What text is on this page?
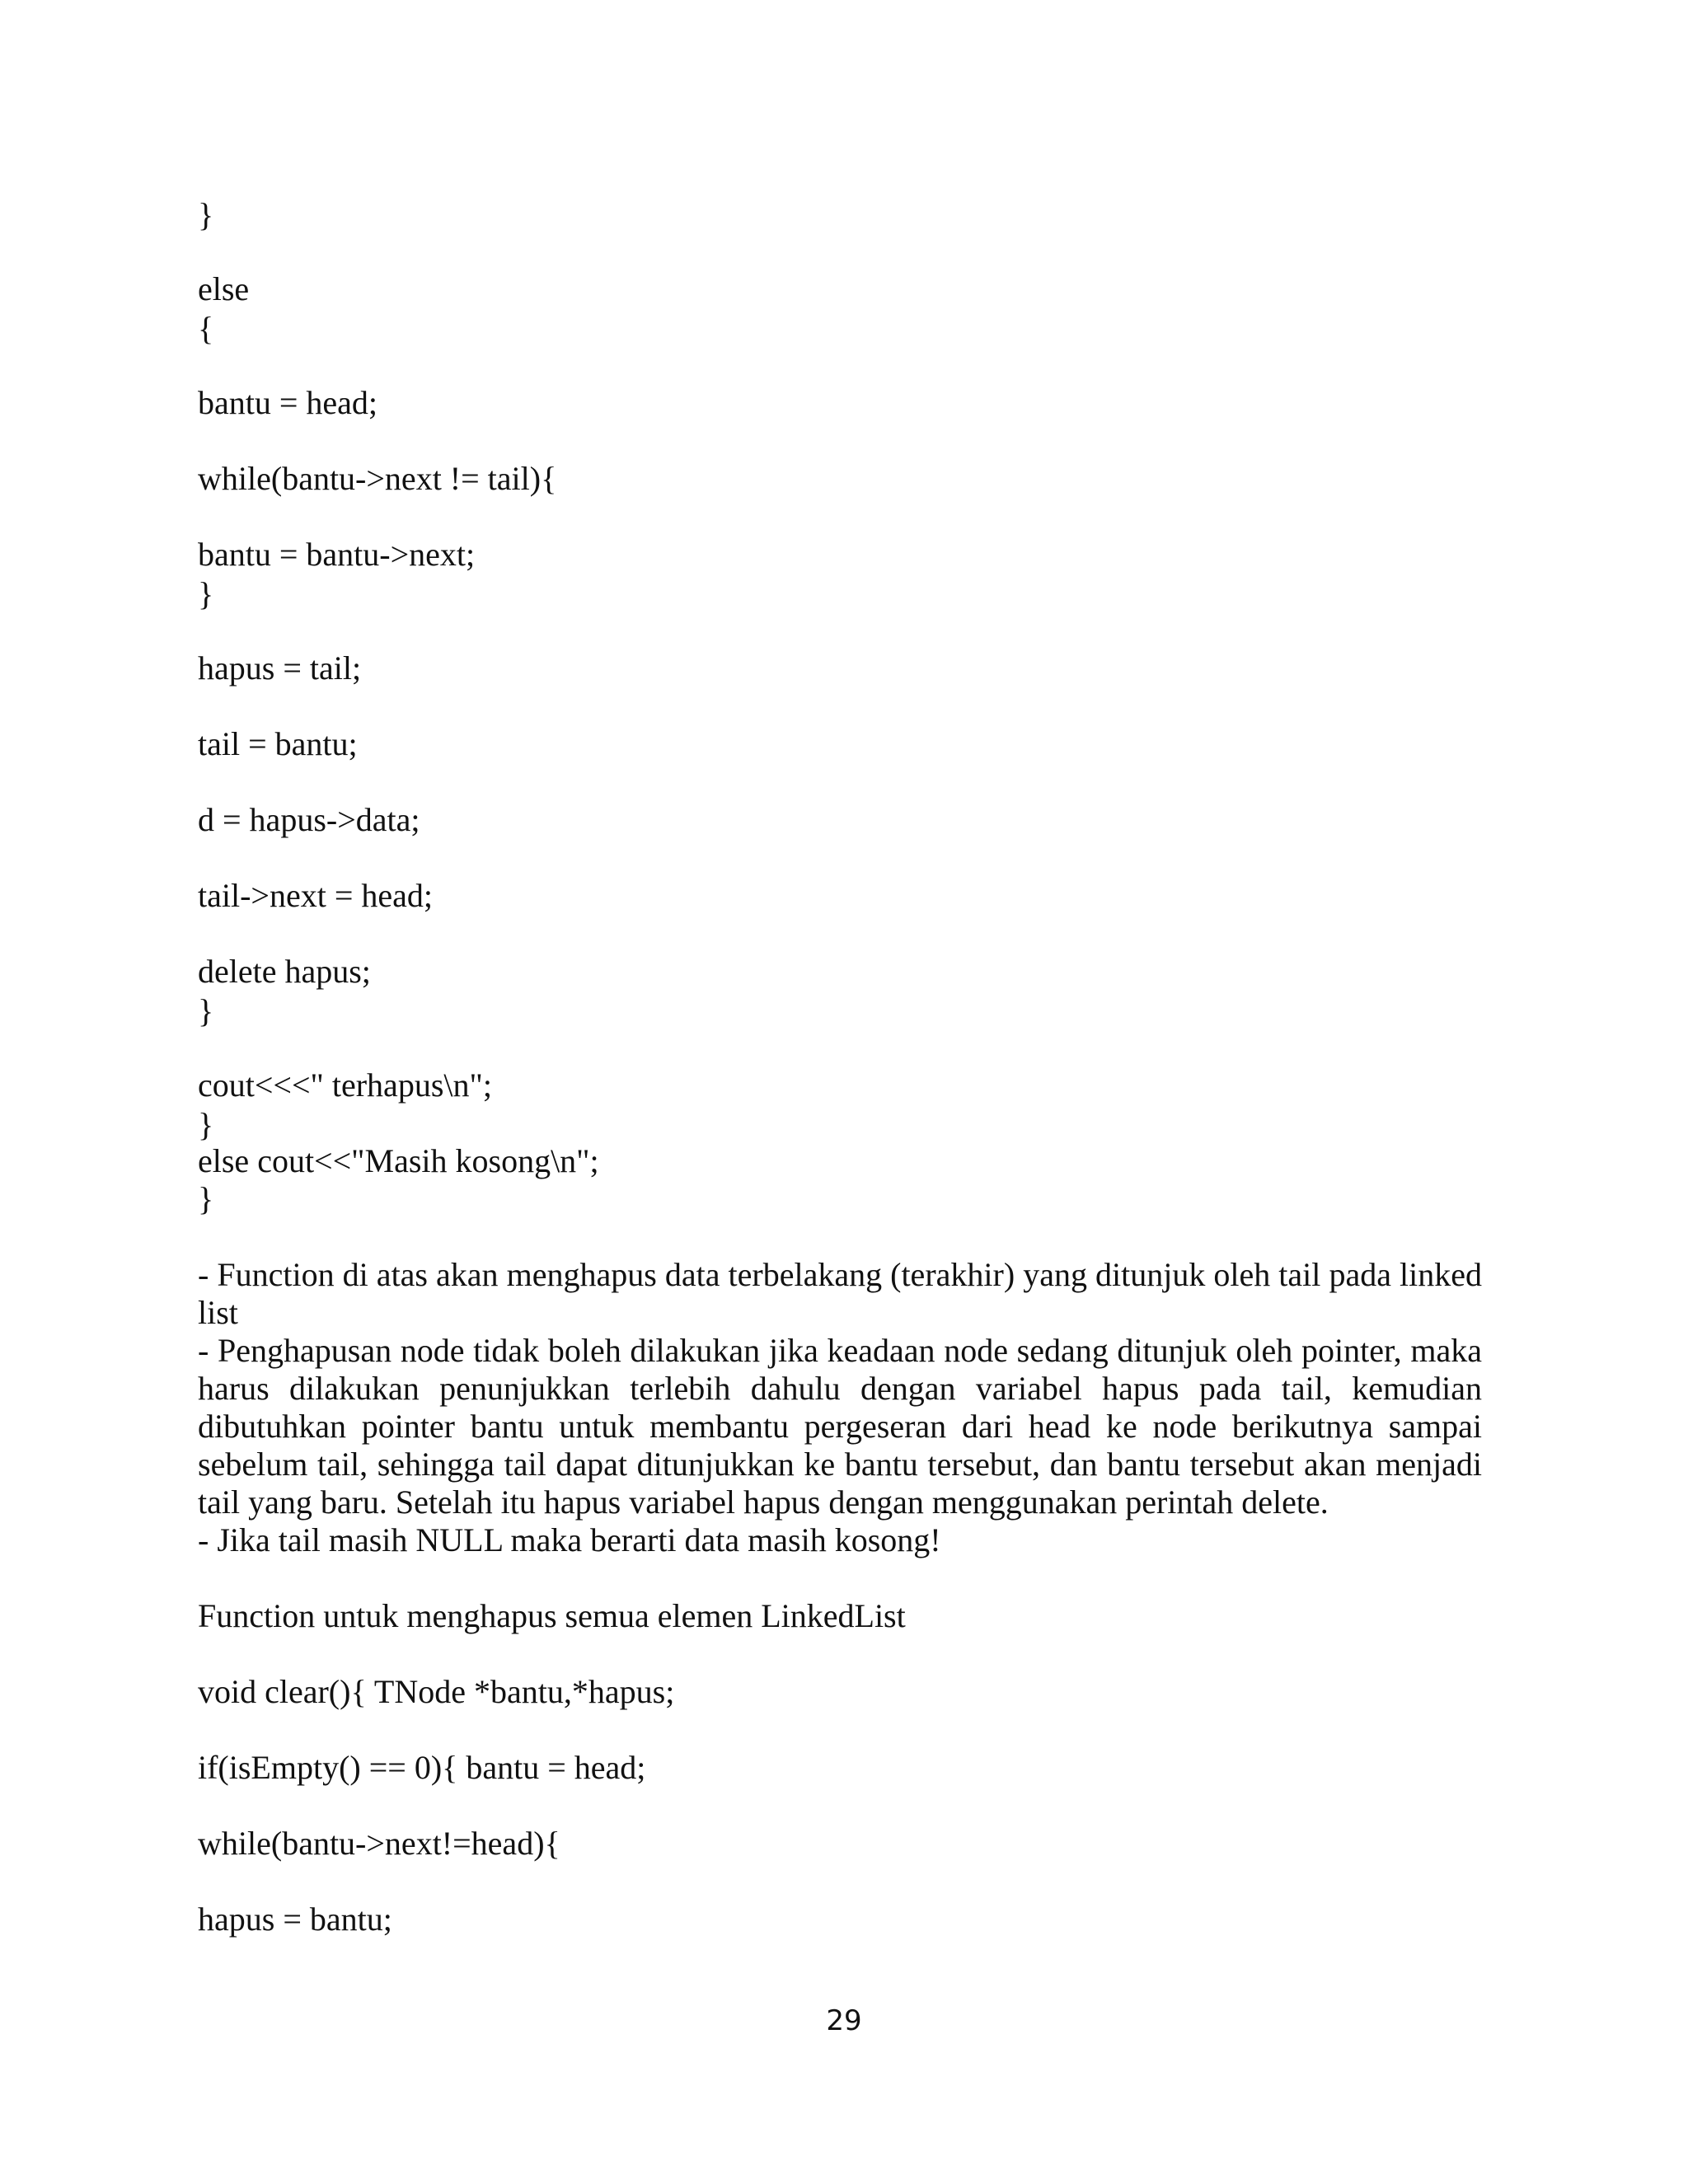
}

else

{

bantu = head;

while(bantu->next != tail){

bantu = bantu->next;

}

hapus = tail;

tail = bantu;

d = hapus->data;

tail->next = head;

delete hapus;

}

cout<<<" terhapus\n";

}

else cout<<"Masih kosong\n";

}

- Function di atas akan menghapus data terbelakang (terakhir) yang ditunjuk oleh tail pada linked list

- Penghapusan node tidak boleh dilakukan jika keadaan node sedang ditunjuk oleh pointer, maka harus dilakukan penunjukkan terlebih dahulu dengan variabel hapus pada tail, kemudian dibutuhkan pointer bantu untuk membantu pergeseran dari head ke node berikutnya sampai sebelum tail, sehingga tail dapat ditunjukkan ke bantu tersebut, dan bantu tersebut akan menjadi tail yang baru. Setelah itu hapus variabel hapus dengan menggunakan perintah delete.

- Jika tail masih NULL maka berarti data masih kosong!

Function untuk menghapus semua elemen LinkedList

void clear(){ TNode *bantu,*hapus;

if(isEmpty() == 0){ bantu = head;

while(bantu->next!=head){

hapus = bantu;

29
